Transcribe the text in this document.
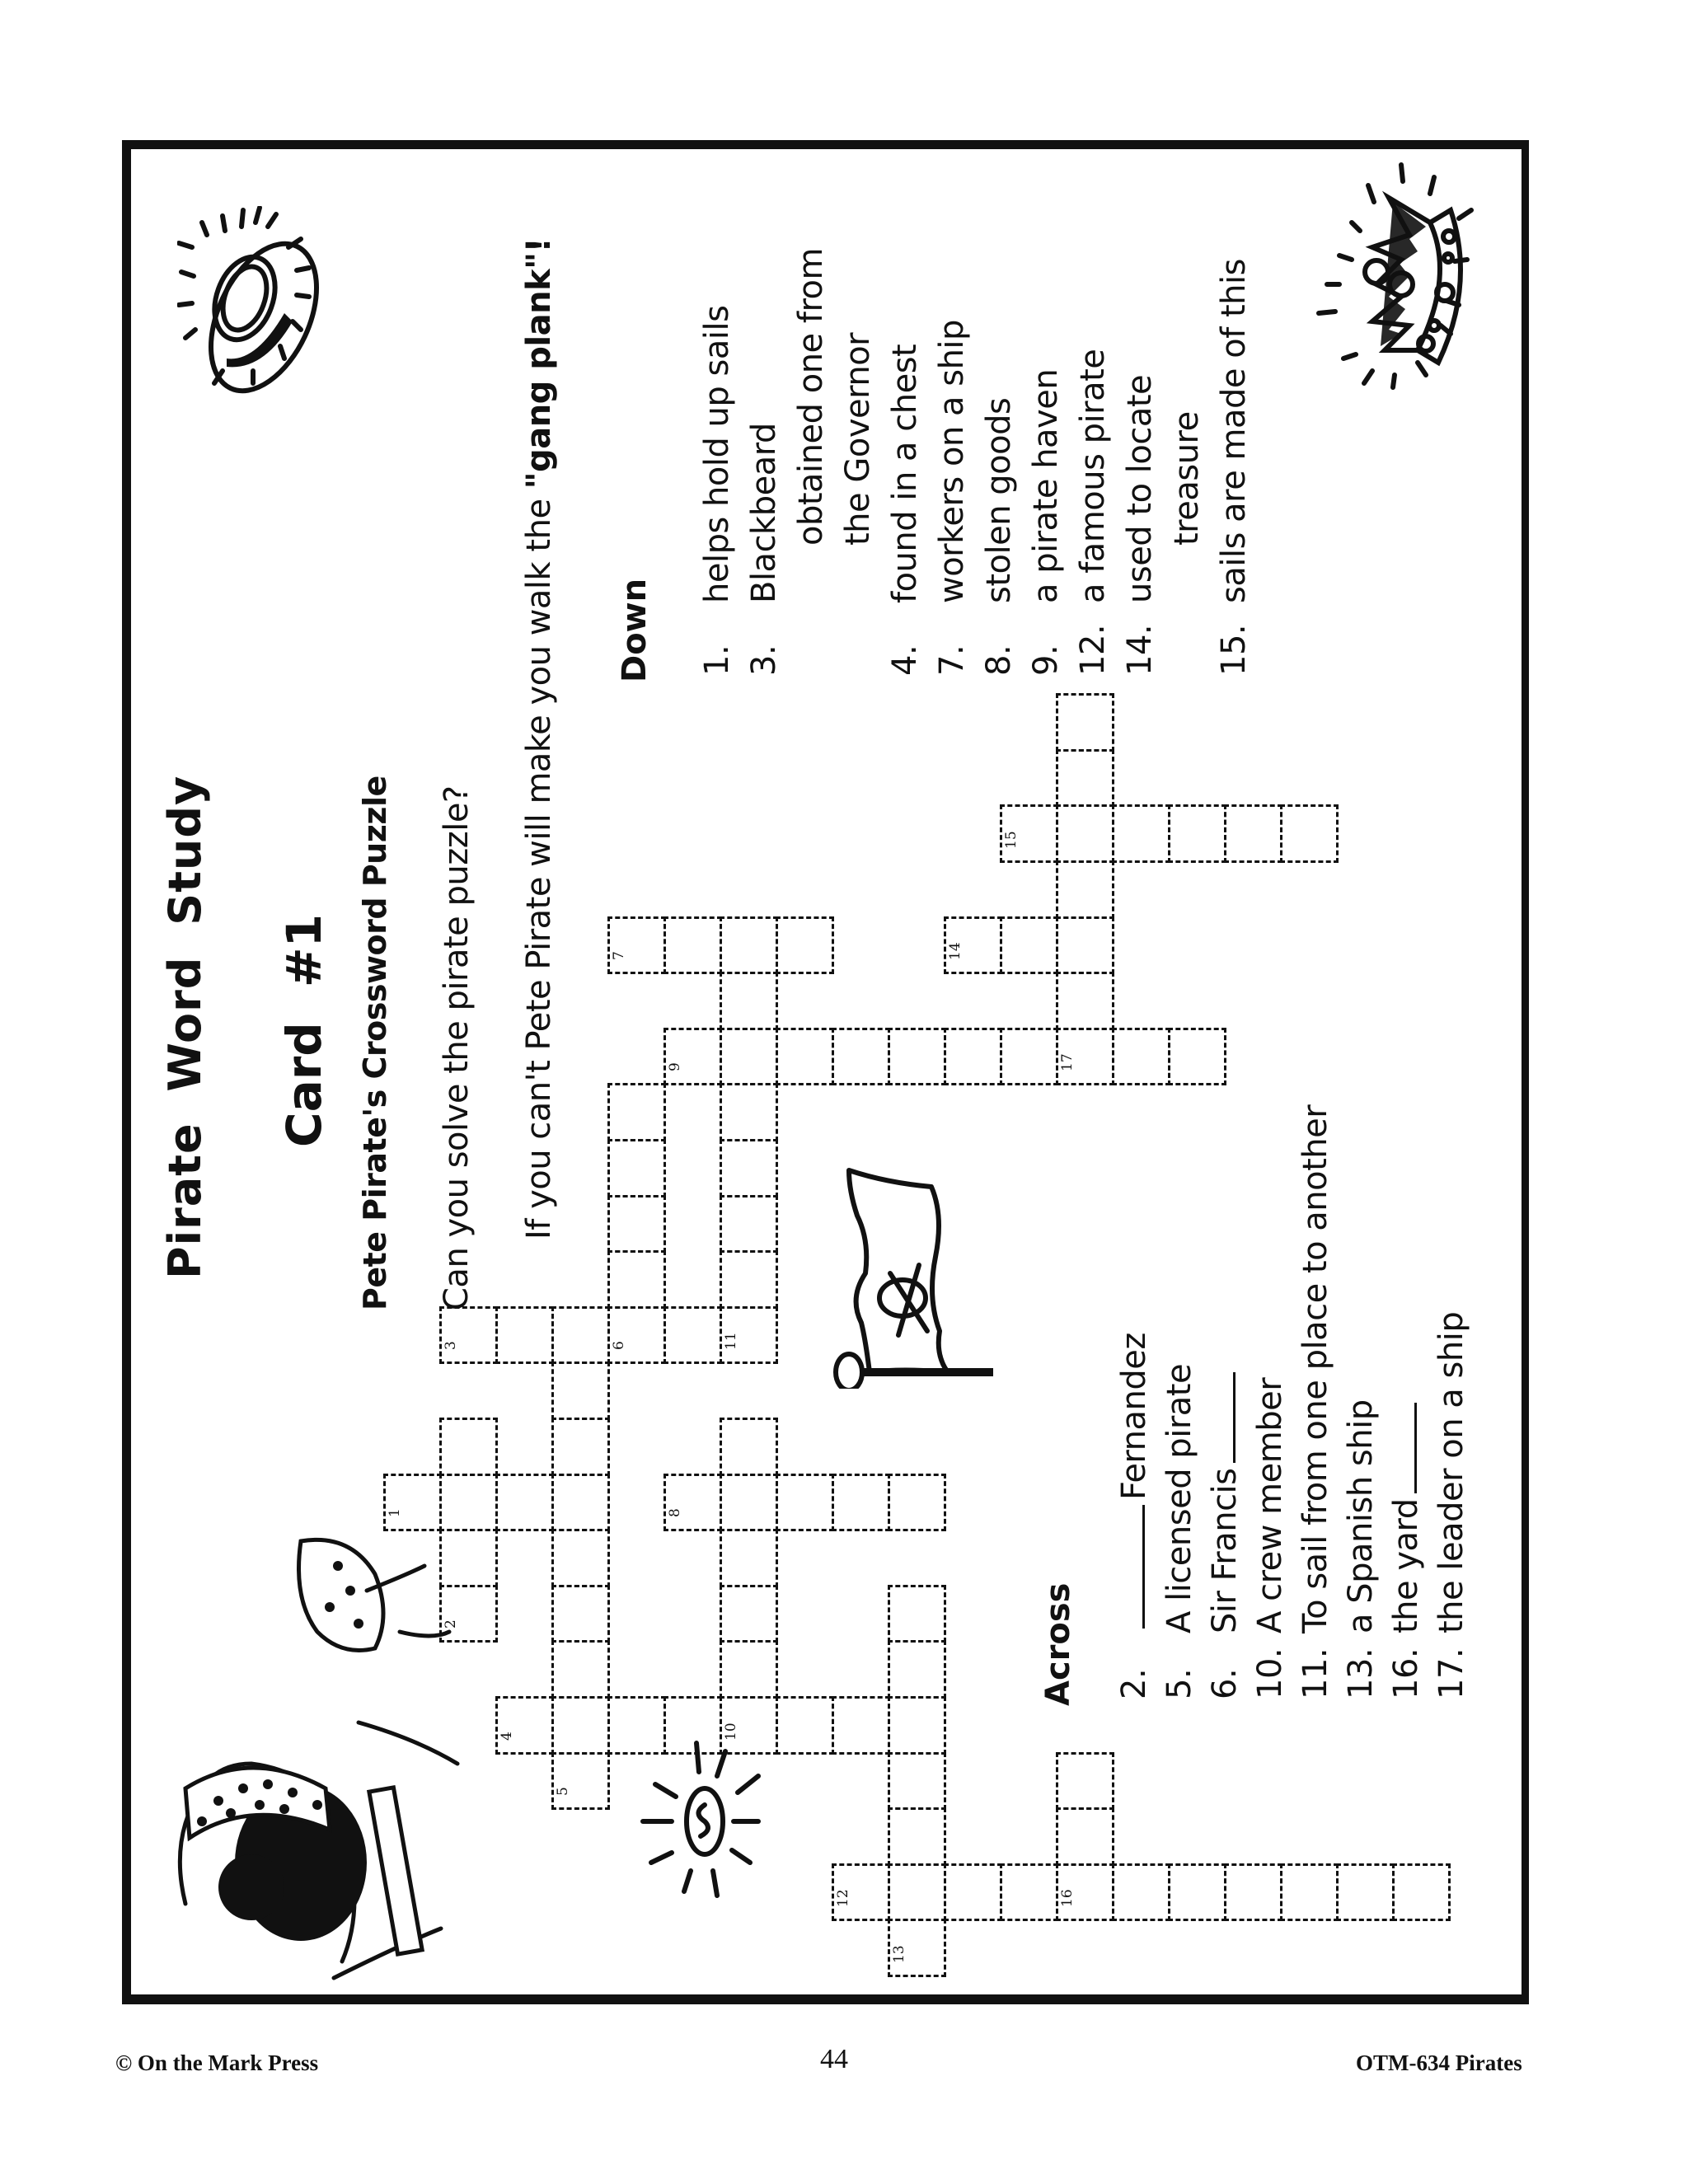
Pirate Word Study Card #1 Pete Pirate's Crossword Puzzle Can you solve the pirate puzzle? If you can't Pete Pirate will make you walk the "gang plank"!
Down 1.
helps hold up sails
3.
Blackbeard obtained one from the Governor
4.
found in a chest
7.
workers on a ship
8.
stolen goods
9.
a pirate haven
12.
a famous pirate
14.
used to locate treasure
15.
sails are made of this
Across 2.
Fernandez
5.
A licensed pirate
6.
Sir Francis
10.
A crew member
11.
To sail from one place to another
13.
a Spanish ship
16.
the yard
17.
the leader on a ship
13
12	16
5
4	10
2
1	8
3	6	11
9	17
7	14
15
© On the Mark Press	44	OTM-634 Pirates
